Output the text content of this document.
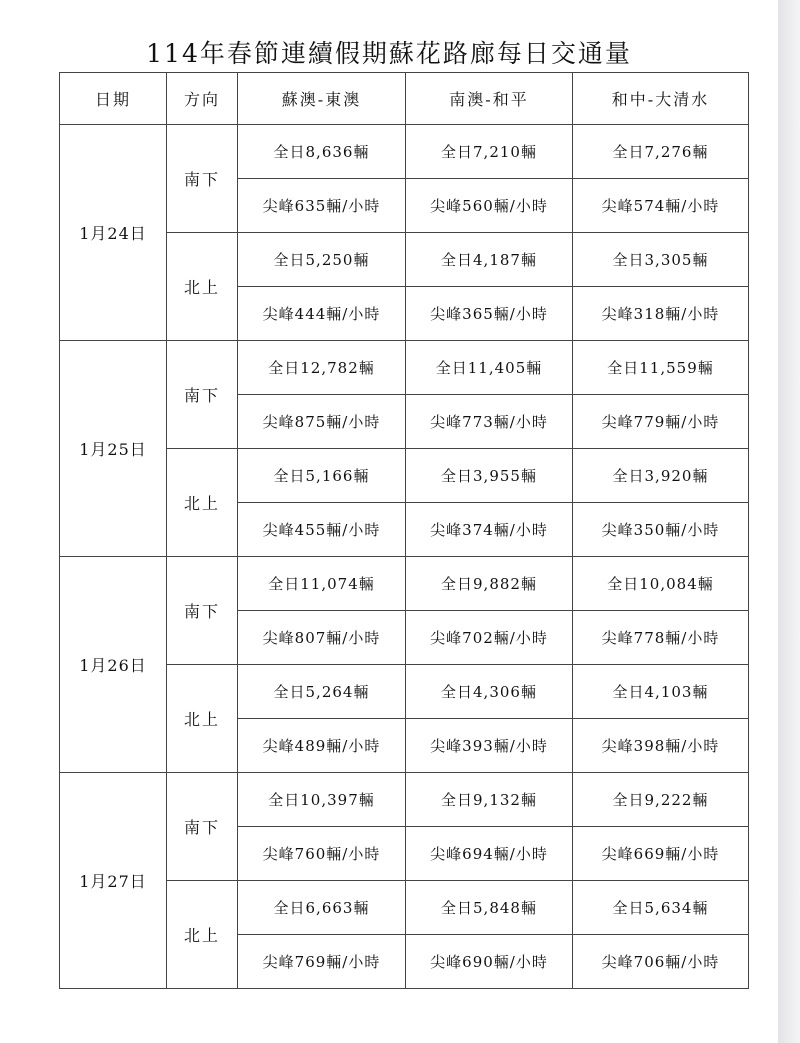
114年春節連續假期蘇花路廊每日交通量
日期	方向	蘇澳-東澳	南澳-和平	和中-大清水
1月24日	南下	全日8,636輛	全日7,210輛	全日7,276輛
		尖峰635輛/小時	尖峰560輛/小時	尖峰574輛/小時
	北上	全日5,250輛	全日4,187輛	全日3,305輛
		尖峰444輛/小時	尖峰365輛/小時	尖峰318輛/小時
1月25日	南下	全日12,782輛	全日11,405輛	全日11,559輛
		尖峰875輛/小時	尖峰773輛/小時	尖峰779輛/小時
	北上	全日5,166輛	全日3,955輛	全日3,920輛
		尖峰455輛/小時	尖峰374輛/小時	尖峰350輛/小時
1月26日	南下	全日11,074輛	全日9,882輛	全日10,084輛
		尖峰807輛/小時	尖峰702輛/小時	尖峰778輛/小時
	北上	全日5,264輛	全日4,306輛	全日4,103輛
		尖峰489輛/小時	尖峰393輛/小時	尖峰398輛/小時
1月27日	南下	全日10,397輛	全日9,132輛	全日9,222輛
		尖峰760輛/小時	尖峰694輛/小時	尖峰669輛/小時
	北上	全日6,663輛	全日5,848輛	全日5,634輛
		尖峰769輛/小時	尖峰690輛/小時	尖峰706輛/小時
